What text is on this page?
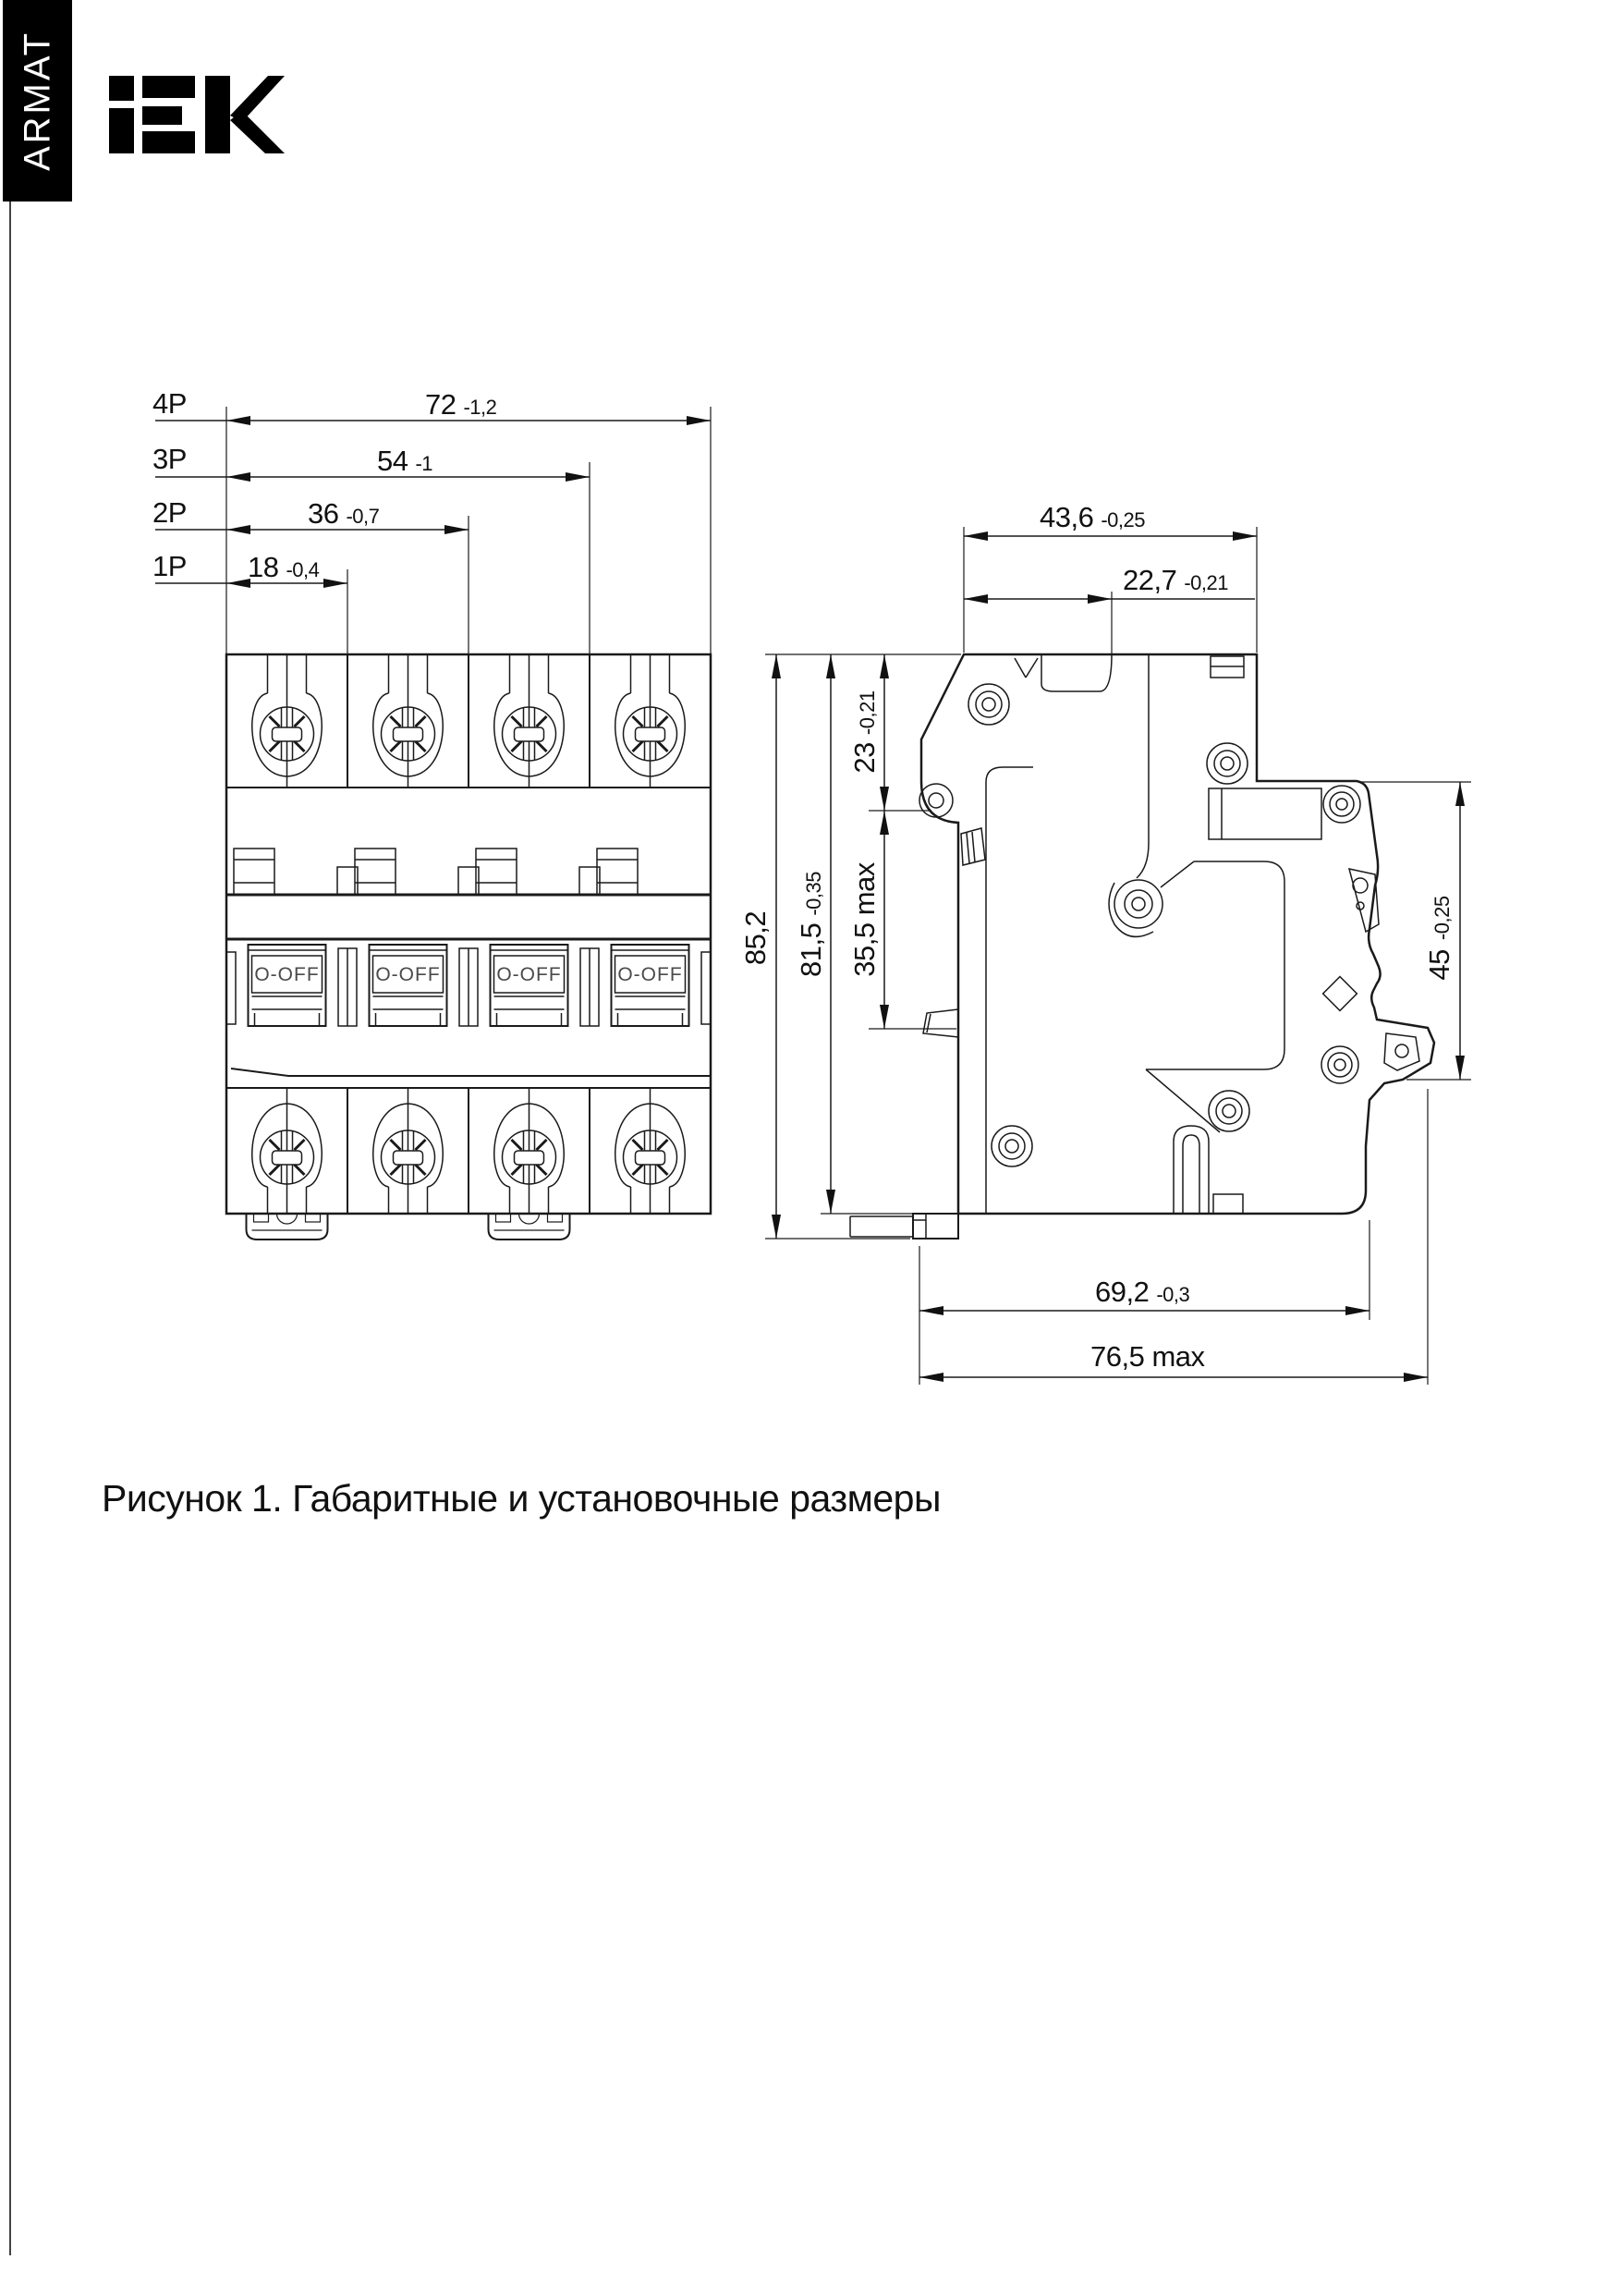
ARMAT
4P	72 -1,2
3P	54 -1
2P	36 -0,7
1P 18 -0,4
O-OFF	O-OFF	O-OFF	O-OFF
43,6 -0,25
22,7 -0,21
23-0,21
35,5 max
81,5-0,35
85,2	45-0,25
69,2 -0,3
76,5 max
Рисунок 1. Габаритные и установочные размеры
